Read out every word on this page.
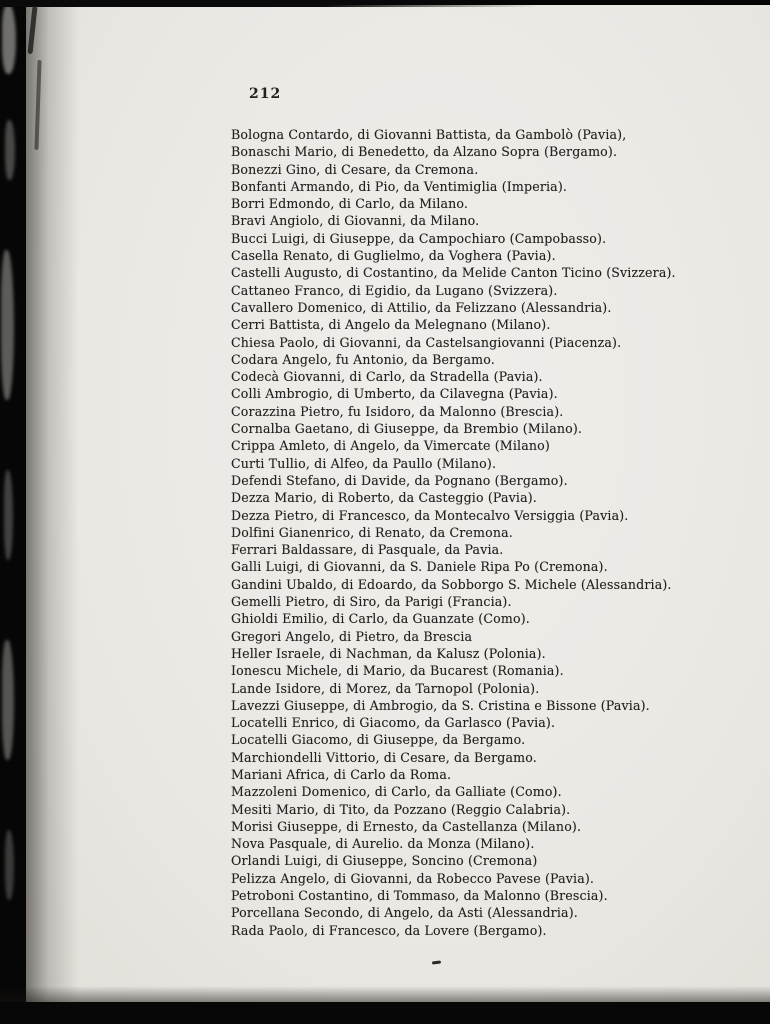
212
Bologna Contardo, di Giovanni Battista, da Gambolò (Pavia),
Bonaschi Mario, di Benedetto, da Alzano Sopra (Bergamo).
Bonezzi Gino, di Cesare, da Cremona.
Bonfanti Armando, di Pio, da Ventimiglia (Imperia).
Borri Edmondo, di Carlo, da Milano.
Bravi Angiolo, di Giovanni, da Milano.
Bucci Luigi, di Giuseppe, da Campochiaro (Campobasso).
Casella Renato, di Guglielmo, da Voghera (Pavia).
Castelli Augusto, di Costantino, da Melide Canton Ticino (Svizzera).
Cattaneo Franco, di Egidio, da Lugano (Svizzera).
Cavallero Domenico, di Attilio, da Felizzano (Alessandria).
Cerri Battista, di Angelo da Melegnano (Milano).
Chiesa Paolo, di Giovanni, da Castelsangiovanni (Piacenza).
Codara Angelo, fu Antonio, da Bergamo.
Codecà Giovanni, di Carlo, da Stradella (Pavia).
Colli Ambrogio, di Umberto, da Cilavegna (Pavia).
Corazzina Pietro, fu Isidoro, da Malonno (Brescia).
Cornalba Gaetano, di Giuseppe, da Brembio (Milano).
Crippa Amleto, di Angelo, da Vimercate (Milano)
Curti Tullio, di Alfeo, da Paullo (Milano).
Defendi Stefano, di Davide, da Pognano (Bergamo).
Dezza Mario, di Roberto, da Casteggio (Pavia).
Dezza Pietro, di Francesco, da Montecalvo Versiggia (Pavia).
Dolfini Gianenrico, di Renato, da Cremona.
Ferrari Baldassare, di Pasquale, da Pavia.
Galli Luigi, di Giovanni, da S. Daniele Ripa Po (Cremona).
Gandini Ubaldo, di Edoardo, da Sobborgo S. Michele (Alessandria).
Gemelli Pietro, di Siro, da Parigi (Francia).
Ghioldi Emilio, di Carlo, da Guanzate (Como).
Gregori Angelo, di Pietro, da Brescia
Heller Israele, di Nachman, da Kalusz (Polonia).
Ionescu Michele, di Mario, da Bucarest (Romania).
Lande Isidore, di Morez, da Tarnopol (Polonia).
Lavezzi Giuseppe, di Ambrogio, da S. Cristina e Bissone (Pavia).
Locatelli Enrico, di Giacomo, da Garlasco (Pavia).
Locatelli Giacomo, di Giuseppe, da Bergamo.
Marchiondelli Vittorio, di Cesare, da Bergamo.
Mariani Africa, di Carlo da Roma.
Mazzoleni Domenico, di Carlo, da Galliate (Como).
Mesiti Mario, di Tito, da Pozzano (Reggio Calabria).
Morisi Giuseppe, di Ernesto, da Castellanza (Milano).
Nova Pasquale, di Aurelio. da Monza (Milano).
Orlandi Luigi, di Giuseppe, Soncino (Cremona)
Pelizza Angelo, di Giovanni, da Robecco Pavese (Pavia).
Petroboni Costantino, di Tommaso, da Malonno (Brescia).
Porcellana Secondo, di Angelo, da Asti (Alessandria).
Rada Paolo, di Francesco, da Lovere (Bergamo).
